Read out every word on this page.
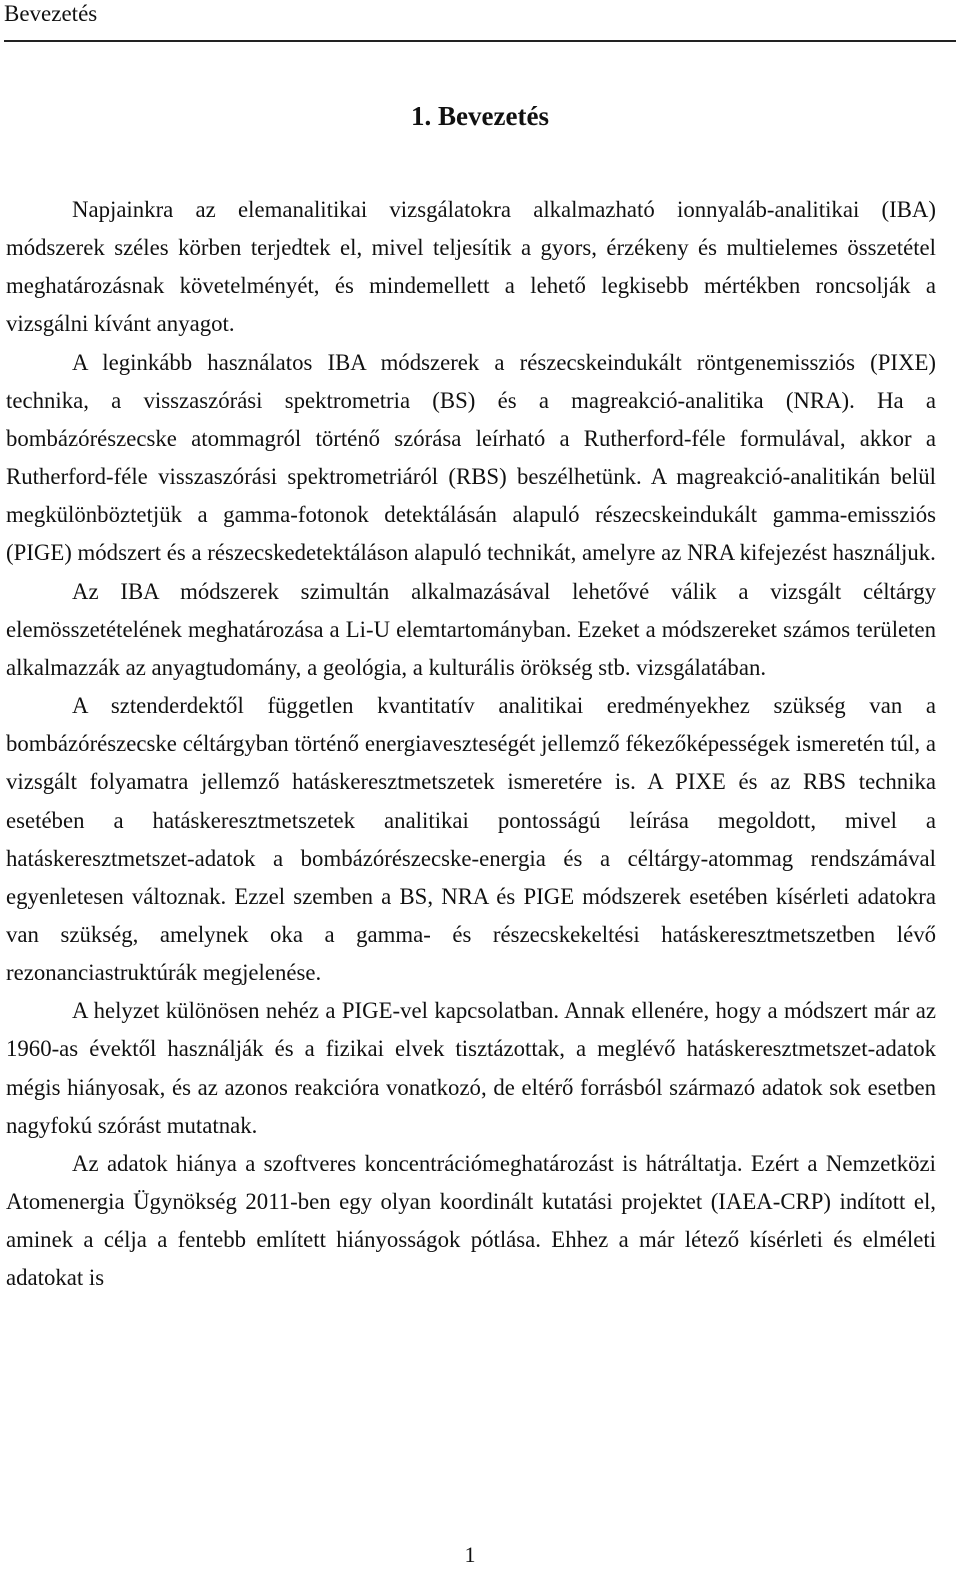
Bevezetés
1. Bevezetés

Napjainkra az elemanalitikai vizsgálatokra alkalmazható ionnyaláb-analitikai (IBA) módszerek széles körben terjedtek el, mivel teljesítik a gyors, érzékeny és multielemes összetétel meghatározásnak követelményét, és mindemellett a lehető legkisebb mértékben roncsolják a vizsgálni kívánt anyagot.

A leginkább használatos IBA módszerek a részecskeindukált röntgenemissziós (PIXE) technika, a visszaszórási spektrometria (BS) és a magreakció-analitika (NRA). Ha a bombázórészecske atommagról történő szórása leírható a Rutherford-féle formulával, akkor a Rutherford-féle visszaszórási spektrometriáról (RBS) beszélhetünk. A magreakció-analitikán belül megkülönböztetjük a gamma-fotonok detektálásán alapuló részecskeindukált gamma-emissziós (PIGE) módszert és a részecskedetektáláson alapuló technikát, amelyre az NRA kifejezést használjuk.

Az IBA módszerek szimultán alkalmazásával lehetővé válik a vizsgált céltárgy elemösszetételének meghatározása a Li-U elemtartományban. Ezeket a módszereket számos területen alkalmazzák az anyagtudomány, a geológia, a kulturális örökség stb. vizsgálatában.

A sztenderdektől független kvantitatív analitikai eredményekhez szükség van a bombázórészecske céltárgyban történő energiaveszteségét jellemző fékezőképességek ismeretén túl, a vizsgált folyamatra jellemző hatáskeresztmetszetek ismeretére is. A PIXE és az RBS technika esetében a hatáskeresztmetszetek analitikai pontosságú leírása megoldott, mivel a hatáskeresztmetszet-adatok a bombázórészecske-energia és a céltárgy-atommag rendszámával egyenletesen változnak. Ezzel szemben a BS, NRA és PIGE módszerek esetében kísérleti adatokra van szükség, amelynek oka a gamma- és részecskekeltési hatáskeresztmetszetben lévő rezonanciastruktúrák megjelenése.

A helyzet különösen nehéz a PIGE-vel kapcsolatban. Annak ellenére, hogy a módszert már az 1960-as évektől használják és a fizikai elvek tisztázottak, a meglévő hatáskeresztmetszet-adatok mégis hiányosak, és az azonos reakcióra vonatkozó, de eltérő forrásból származó adatok sok esetben nagyfokú szórást mutatnak.

Az adatok hiánya a szoftveres koncentrációmeghatározást is hátráltatja. Ezért a Nemzetközi Atomenergia Ügynökség 2011-ben egy olyan koordinált kutatási projektet (IAEA-CRP) indított el, aminek a célja a fentebb említett hiányosságok pótlása. Ehhez a már létező kísérleti és elméleti adatokat is

1
